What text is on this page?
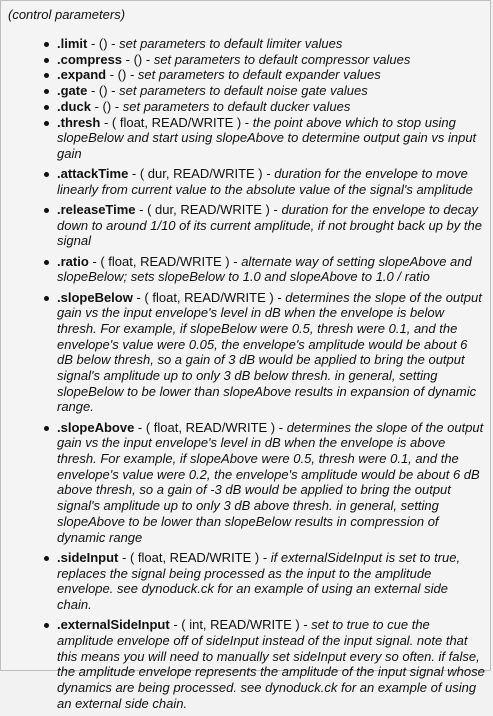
(control parameters)
.limit - () - set parameters to default limiter values
.compress - () - set parameters to default compressor values
.expand - () - set parameters to default expander values
.gate - () - set parameters to default noise gate values
.duck - () - set parameters to default ducker values
.thresh - ( float, READ/WRITE ) - the point above which to stop using slopeBelow and start using slopeAbove to determine output gain vs input gain
.attackTime - ( dur, READ/WRITE ) - duration for the envelope to move linearly from current value to the absolute value of the signal's amplitude
.releaseTime - ( dur, READ/WRITE ) - duration for the envelope to decay down to around 1/10 of its current amplitude, if not brought back up by the signal
.ratio - ( float, READ/WRITE ) - alternate way of setting slopeAbove and slopeBelow; sets slopeBelow to 1.0 and slopeAbove to 1.0 / ratio
.slopeBelow - ( float, READ/WRITE ) - determines the slope of the output gain vs the input envelope's level in dB when the envelope is below thresh. For example, if slopeBelow were 0.5, thresh were 0.1, and the envelope's value were 0.05, the envelope's amplitude would be about 6 dB below thresh, so a gain of 3 dB would be applied to bring the output signal's amplitude up to only 3 dB below thresh. in general, setting slopeBelow to be lower than slopeAbove results in expansion of dynamic range.
.slopeAbove - ( float, READ/WRITE ) - determines the slope of the output gain vs the input envelope's level in dB when the envelope is above thresh. For example, if slopeAbove were 0.5, thresh were 0.1, and the envelope's value were 0.2, the envelope's amplitude would be about 6 dB above thresh, so a gain of -3 dB would be applied to bring the output signal's amplitude up to only 3 dB above thresh. in general, setting slopeAbove to be lower than slopeBelow results in compression of dynamic range
.sideInput - ( float, READ/WRITE ) - if externalSideInput is set to true, replaces the signal being processed as the input to the amplitude envelope. see dynoduck.ck for an example of using an external side chain.
.externalSideInput - ( int, READ/WRITE ) - set to true to cue the amplitude envelope off of sideInput instead of the input signal. note that this means you will need to manually set sideInput every so often. if false, the amplitude envelope represents the amplitude of the input signal whose dynamics are being processed. see dynoduck.ck for an example of using an external side chain.
